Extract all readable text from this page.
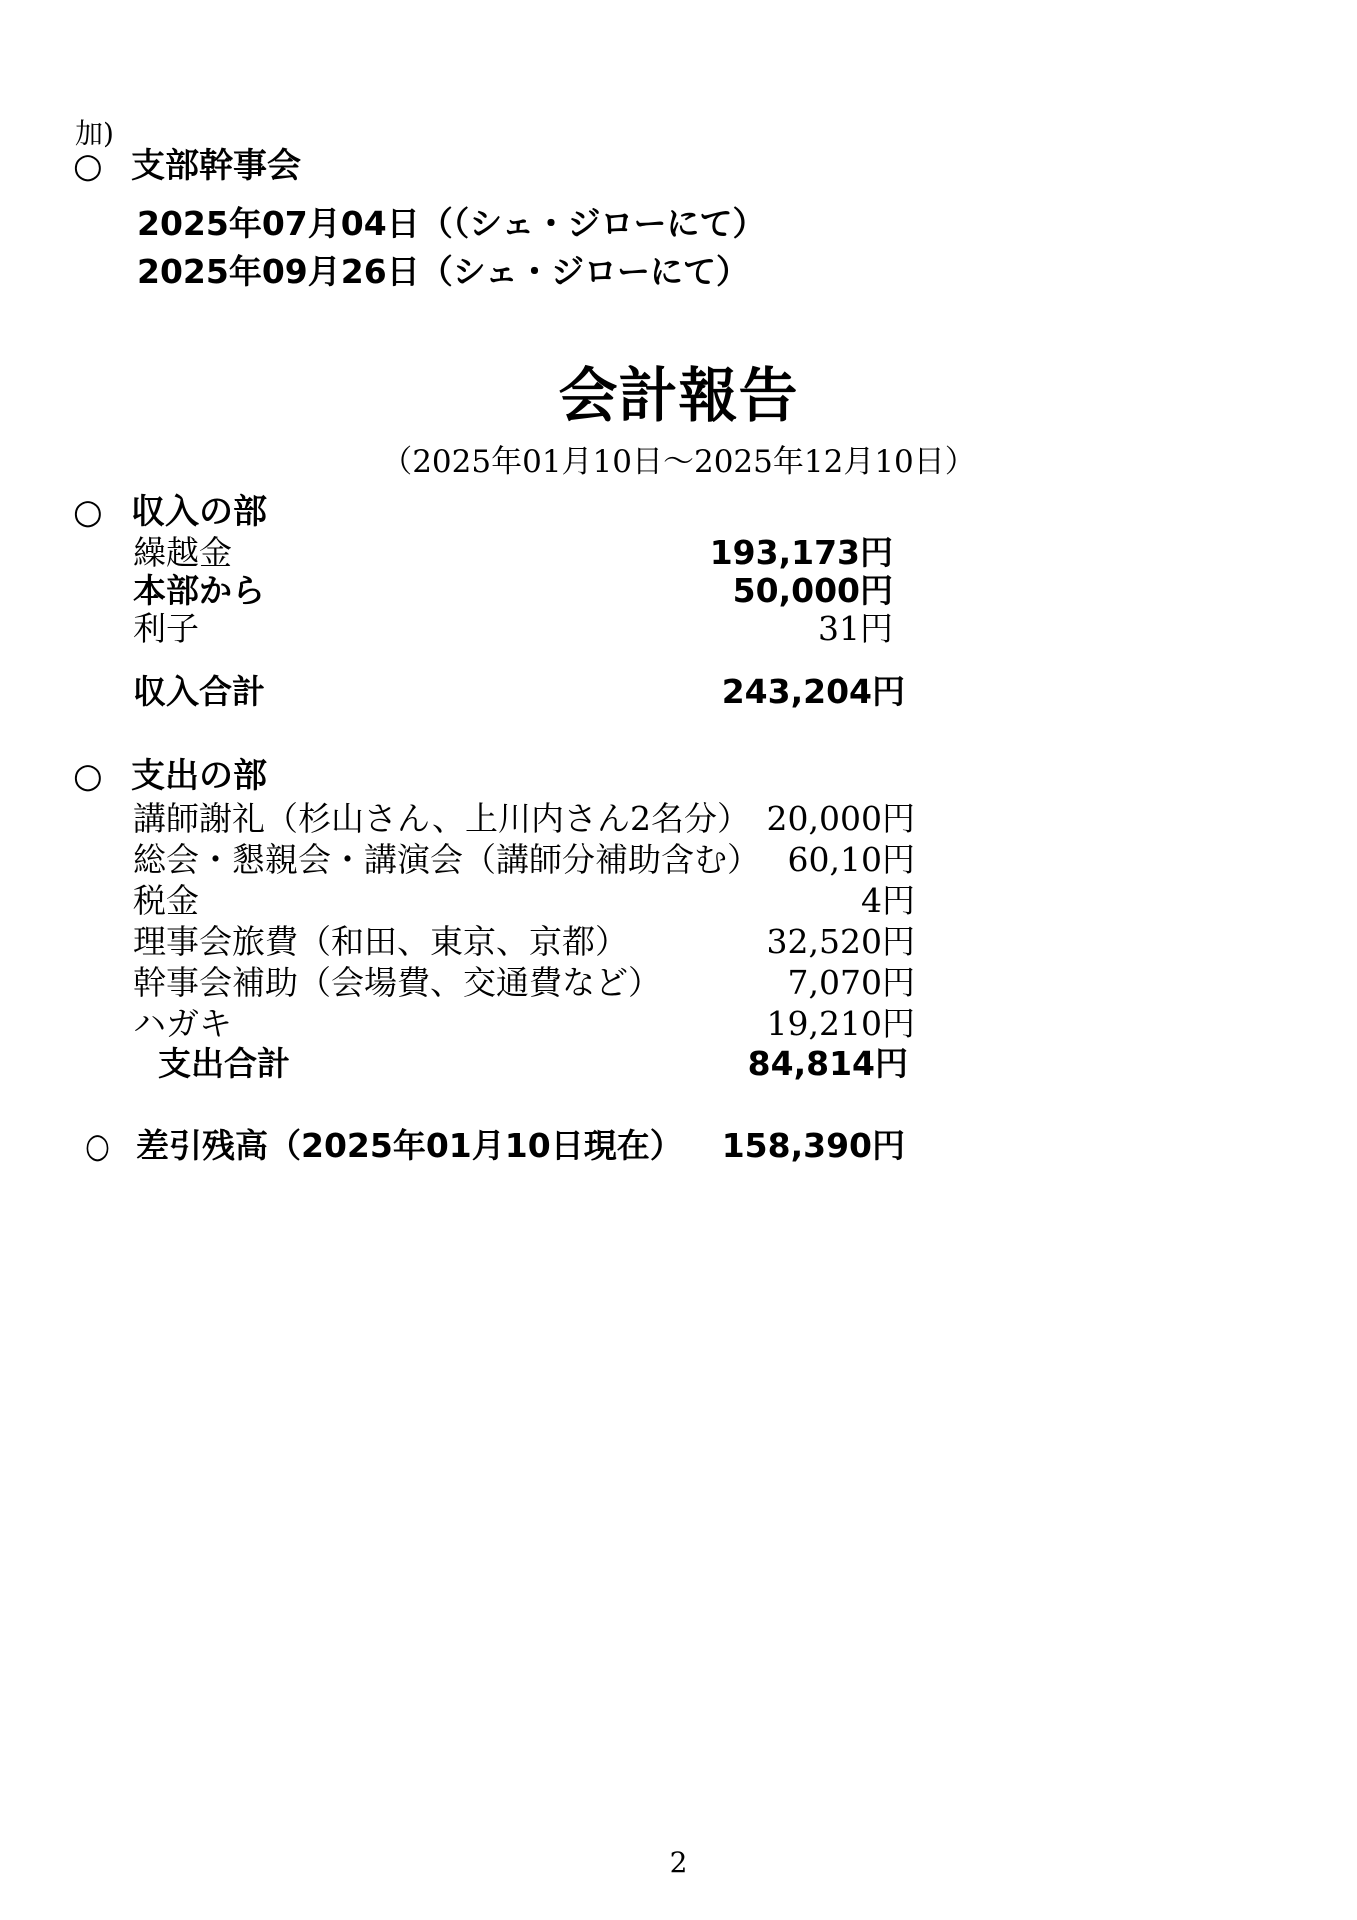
加)
○ 支部幹事会
2025年07月04日（（シェ・ジローにて）
2025年09月26日（シェ・ジローにて）
会計報告
（2025年01月10日～2025年12月10日）
○ 収入の部
繰越金	193,173円
本部から	50,000円
利子	31円
収入合計	243,204円
○ 支出の部
講師謝礼（杉山さん、上川内さん2名分） 20,000円
総会・懇親会・講演会（講師分補助含む） 60,10円
税金	4円
理事会旅費（和田、東京、京都）	32,520円
幹事会補助（会場費、交通費など）	7,070円
ハガキ	19,210円
支出合計	84,814円
○ 差引残高（2025年01月10日現在） 158,390円
2
